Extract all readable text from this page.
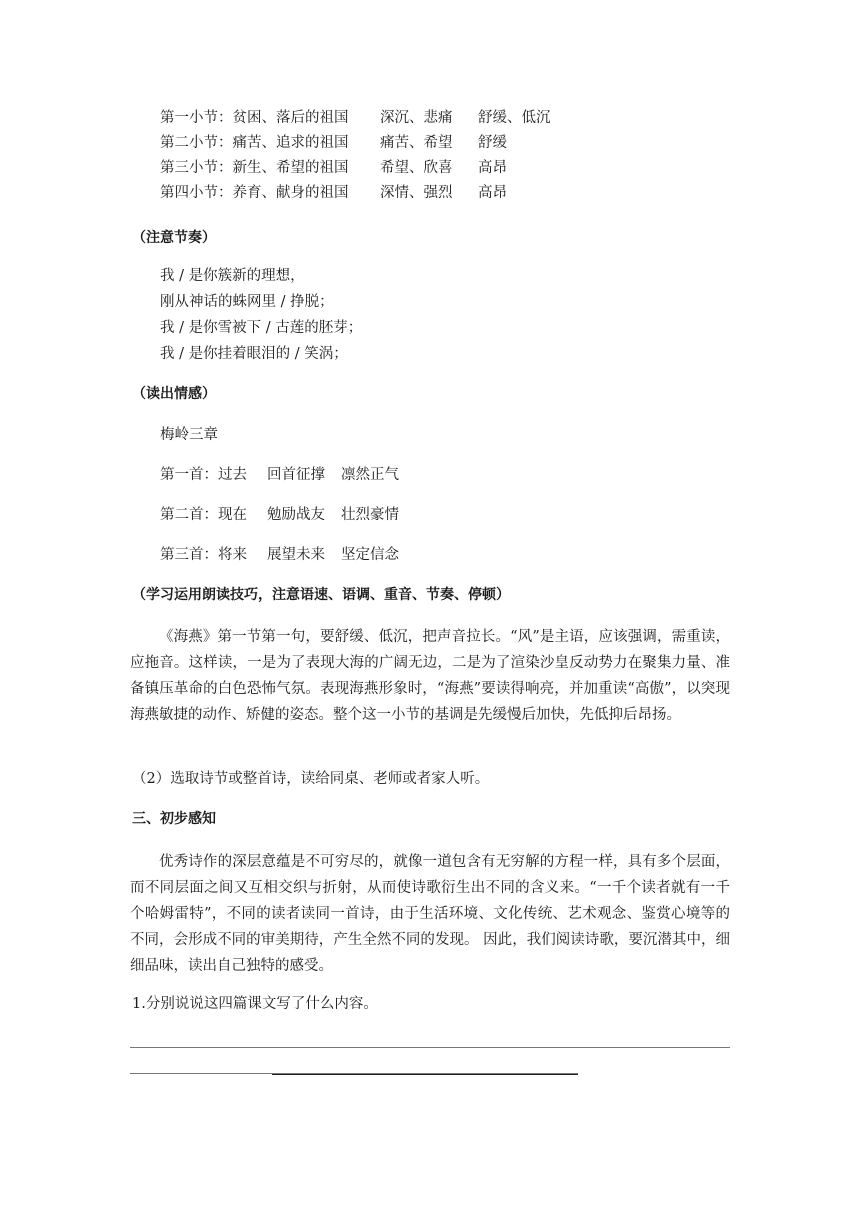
第一小节：贫困、落后的祖国 深沉、悲痛 舒缓、低沉
第二小节：痛苦、追求的祖国 痛苦、希望 舒缓
第三小节：新生、希望的祖国 希望、欣喜 高昂
第四小节：养育、献身的祖国 深情、强烈 高昂
（注意节奏）
我 / 是你簇新的理想，
刚从神话的蛛网里 / 挣脱；
我 / 是你雪被下 / 古莲的胚芽；
我 / 是你挂着眼泪的 / 笑涡；
（读出情感）
梅岭三章
第一首：过去 回首征撑 凛然正气
第二首：现在 勉励战友 壮烈豪情
第三首：将来 展望未来 坚定信念
（学习运用朗读技巧，注意语速、语调、重音、节奏、停顿）
《海燕》第一节第一句，要舒缓、低沉，把声音拉长。“风”是主语，应该强调，需重读，应拖音。这样读，一是为了表现大海的广阔无边，二是为了渲染沙皇反动势力在聚集力量、准备镇压革命的白色恐怖气氛。表现海燕形象时，“海燕”要读得响亮，并加重读“高傲”，以突现海燕敏捷的动作、矫健的姿态。整个这一小节的基调是先缓慢后加快，先低抑后昂扬。
（2）选取诗节或整首诗，读给同桌、老师或者家人听。
三、初步感知
优秀诗作的深层意蕴是不可穷尽的，就像一道包含有无穷解的方程一样，具有多个层面，而不同层面之间又互相交织与折射，从而使诗歌衍生出不同的含义来。“一千个读者就有一千个哈姆雷特”，不同的读者读同一首诗，由于生活环境、文化传统、艺术观念、鉴赏心境等的不同，会形成不同的审美期待，产生全然不同的发现。 因此，我们阅读诗歌，要沉潜其中，细细品味，读出自己独特的感受。
1.分别说说这四篇课文写了什么内容。
